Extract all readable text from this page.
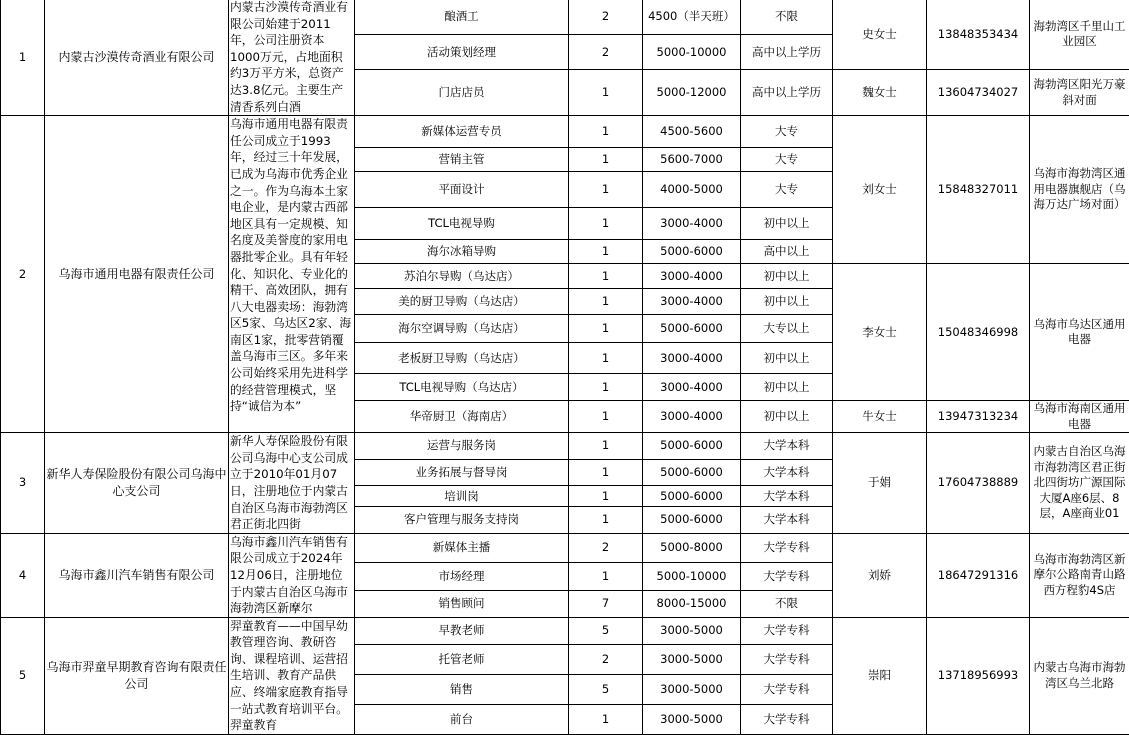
1	内蒙古沙漠传奇酒业有限公司	内蒙古沙漠传奇酒业有限公司始建于2011年，公司注册资本1000万元，占地面积约3万平方米，总资产达3.8亿元。主要生产清香系列白酒	酿酒工	2	4500（半天班）	不限	史女士	13848353434	海勃湾区千里山工业园区
			活动策划经理	2	5000-10000	高中以上学历			
			门店店员	1	5000-12000	高中以上学历	魏女士	13604734027	海勃湾区阳光万豪斜对面
2	乌海市通用电器有限责任公司	乌海市通用电器有限责任公司成立于1993年，经过三十年发展，已成为乌海市优秀企业之一。作为乌海本土家电企业，是内蒙古西部地区具有一定规模、知名度及美誉度的家用电器批零企业。具有年轻化、知识化、专业化的精干、高效团队，拥有八大电器卖场：海勃湾区5家、乌达区2家、海南区1家，批零营销覆盖乌海市三区。多年来公司始终采用先进科学的经营管理模式，坚持“诚信为本”	新媒体运营专员	1	4500-5600	大专	刘女士	15848327011	乌海市海勃湾区通用电器旗舰店（乌海万达广场对面）
			营销主管	1	5600-7000	大专			
			平面设计	1	4000-5000	大专			
			TCL电视导购	1	3000-4000	初中以上			
			海尔冰箱导购	1	5000-6000	高中以上			
			苏泊尔导购（乌达店）	1	3000-4000	初中以上	李女士	15048346998	乌海市乌达区通用电器
			美的厨卫导购（乌达店）	1	3000-4000	初中以上			
			海尔空调导购（乌达店）	1	5000-6000	大专以上			
			老板厨卫导购（乌达店）	1	3000-4000	初中以上			
			TCL电视导购（乌达店）	1	3000-4000	初中以上			
			华帝厨卫（海南店）	1	3000-4000	初中以上	牛女士	13947313234	乌海市海南区通用电器
3	新华人寿保险股份有限公司乌海中心支公司	新华人寿保险股份有限公司乌海中心支公司成立于2010年01月07日，注册地位于内蒙古自治区乌海市海勃湾区君正街北四街	运营与服务岗	1	5000-6000	大学本科	于娟	17604738889	内蒙古自治区乌海市海勃湾区君正街北四街坊广源国际大厦A座6层、8层，A座商业01
			业务拓展与督导岗	1	5000-6000	大学本科			
			培训岗	1	5000-6000	大学本科			
			客户管理与服务支持岗	1	5000-6000	大学本科			
4	乌海市鑫川汽车销售有限公司	乌海市鑫川汽车销售有限公司成立于2024年12月06日，注册地位于内蒙古自治区乌海市海勃湾区新摩尔	新媒体主播	2	5000-8000	大学专科	刘娇	18647291316	乌海市海勃湾区新摩尔公路南青山路西方程豹4S店
			市场经理	1	5000-10000	大学专科			
			销售顾问	7	8000-15000	不限			
5	乌海市羿童早期教育咨询有限责任公司	羿童教育——中国早幼教管理咨询、教研咨询、课程培训、运营招生培训、教育产品供应、终端家庭教育指导一站式教育培训平台。羿童教育	早教老师	5	3000-5000	大学专科	崇阳	13718956993	内蒙古乌海市海勃湾区乌兰北路
			托管老师	2	3000-5000	大学专科			
			销售	5	3000-5000	大学专科			
			前台	1	3000-5000	大学专科			
